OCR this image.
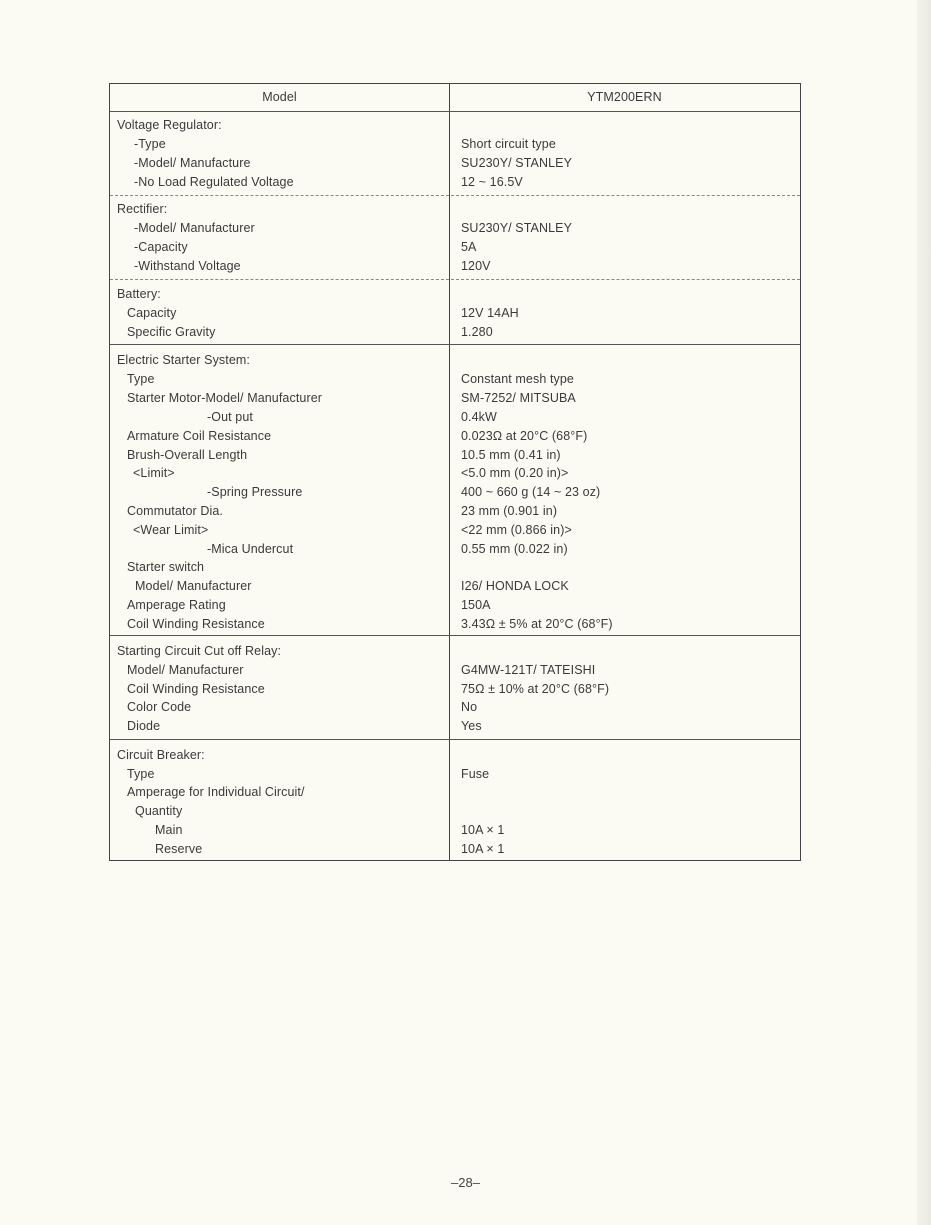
Model	YTM200ERN
Voltage Regulator:
-Type	Short circuit type
-Model/ Manufacture	SU230Y/ STANLEY
-No Load Regulated Voltage	12 ~ 16.5V
Rectifier:
-Model/ Manufacturer	SU230Y/ STANLEY
-Capacity	5A
-Withstand Voltage	120V
Battery:
Capacity	12V 14AH
Specific Gravity	1.280
Electric Starter System:
Type	Constant mesh type
Starter Motor-Model/ Manufacturer	SM-7252/ MITSUBA
-Out put	0.4kW
Armature Coil Resistance	0.023Ω at 20°C (68°F)
Brush-Overall Length	10.5 mm (0.41 in)
<Limit>	<5.0 mm (0.20 in)>
-Spring Pressure	400 ~ 660 g (14 ~ 23 oz)
Commutator Dia.	23 mm (0.901 in)
<Wear Limit>	<22 mm (0.866 in)>
-Mica Undercut	0.55 mm (0.022 in)
Starter switch
Model/ Manufacturer	I26/ HONDA LOCK
Amperage Rating	150A
Coil Winding Resistance	3.43Ω ± 5% at 20°C (68°F)
Starting Circuit Cut off Relay:
Model/ Manufacturer	G4MW-121T/ TATEISHI
Coil Winding Resistance	75Ω ± 10% at 20°C (68°F)
Color Code	No
Diode	Yes
Circuit Breaker:
Type	Fuse
Amperage for Individual Circuit/
Quantity
Main	10A × 1
Reserve	10A × 1
–28–
